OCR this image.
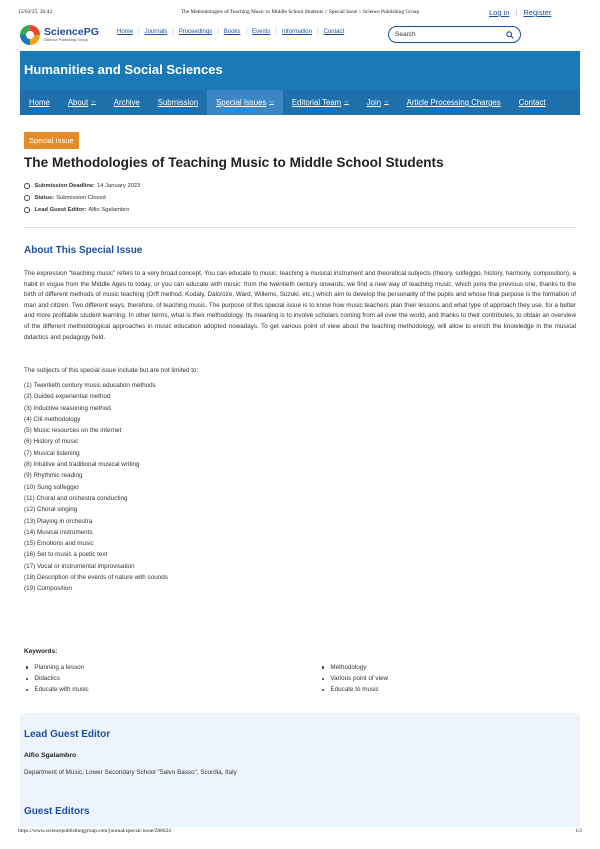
15/03/25, 20:42	The Methodologies of Teaching Music to Middle School Students :: Special Issue :: Science Publishing Group
SciencePG
Science Publishing Group
Home | Journals | Proceedings | Books | Events | Information | Contact
Search
Log in | Register
Humanities and Social Sciences
Home About ⌵ Archive Submission Special Issues ⌵ Editorial Team ⌵ Join ⌵ Article Processing Charges Contact
Special Issue
The Methodologies of Teaching Music to Middle School Students
Submission Deadline: 14 January 2023
Status: Submission Closed
Lead Guest Editor: Alfio Sgalambro
About This Special Issue

The expression "teaching music" refers to a very broad concept. You can educate to music: teaching a musical instrument and theoretical subjects (theory, solfeggio, history, harmony, composition), a habit in vogue from the Middle Ages to today, or you can educate with music: from the twentieth century onwards, we find a new way of teaching music, which joins the previous one, thanks to the birth of different methods of music teaching (Orff method, Kodaly, Dalcroze, Ward, Willems, Suzuki, etc.) which aim to develop the personality of the pupils and whose final purpose is the formation of man and citizen. Two different ways, therefore, of teaching music. The purpose of this special issue is to know how music teachers plan their lessons and what type of approach they use, for a better and more profitable student learning. In other terms, what is their methodology. Its meaning is to involve scholars coming from all over the world, and thanks to their contributes, to obtain an overview of the different methodological approaches in music education adopted nowadays. To get various point of view about the teaching methodology, will allow to enrich the knowledge in the musical didactics and pedagogy field.

The subjects of this special issue include but are not limited to:

(1) Twentieth century music education methods
(2) Guided experiential method
(3) Inductive reasoning method
(4) CIil methodology
(5) Music resources on the internet
(6) History of music
(7) Musical listening
(8) Intuitive and traditional musical writing
(9) Rhythmic reading
(10) Sung solfeggio
(11) Choral and orchestra conducting
(12) Choral singing
(13) Playing in orchestra
(14) Musical instruments
(15) Emotions and music
(16) Set to music a poetic text
(17) Vocal or instrumental improvisation
(18) Description of the events of nature with sounds
(19) Composition

Keywords:

Planning a lesson
Didactics
Educate with music
Methodology
Various point of view
Educate to music
Lead Guest Editor

Alfio Sgalambro

Department of Music, Lower Secondary School "Salvo Basso", Scordia, Italy

Guest Editors
https://www.sciencepublishinggroup.com/journal/special-issue/208024	1/2
